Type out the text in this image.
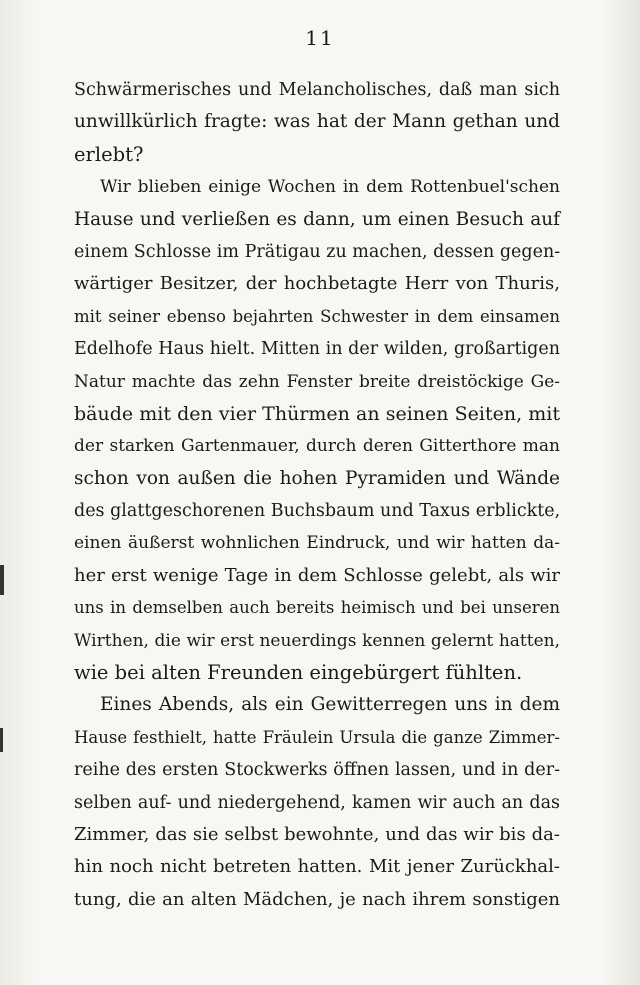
11
Schwärmerisches und Melancholisches, daß man sich
unwillkürlich fragte: was hat der Mann gethan und
erlebt?
Wir blieben einige Wochen in dem Rottenbuel'schen
Hause und verließen es dann, um einen Besuch auf
einem Schlosse im Prätigau zu machen, dessen gegen-
wärtiger Besitzer, der hochbetagte Herr von Thuris,
mit seiner ebenso bejahrten Schwester in dem einsamen
Edelhofe Haus hielt. Mitten in der wilden, großartigen
Natur machte das zehn Fenster breite dreistöckige Ge-
bäude mit den vier Thürmen an seinen Seiten, mit
der starken Gartenmauer, durch deren Gitterthore man
schon von außen die hohen Pyramiden und Wände
des glattgeschorenen Buchsbaum und Taxus erblickte,
einen äußerst wohnlichen Eindruck, und wir hatten da-
her erst wenige Tage in dem Schlosse gelebt, als wir
uns in demselben auch bereits heimisch und bei unseren
Wirthen, die wir erst neuerdings kennen gelernt hatten,
wie bei alten Freunden eingebürgert fühlten.
Eines Abends, als ein Gewitterregen uns in dem
Hause festhielt, hatte Fräulein Ursula die ganze Zimmer-
reihe des ersten Stockwerks öffnen lassen, und in der-
selben auf- und niedergehend, kamen wir auch an das
Zimmer, das sie selbst bewohnte, und das wir bis da-
hin noch nicht betreten hatten. Mit jener Zurückhal-
tung, die an alten Mädchen, je nach ihrem sonstigen
